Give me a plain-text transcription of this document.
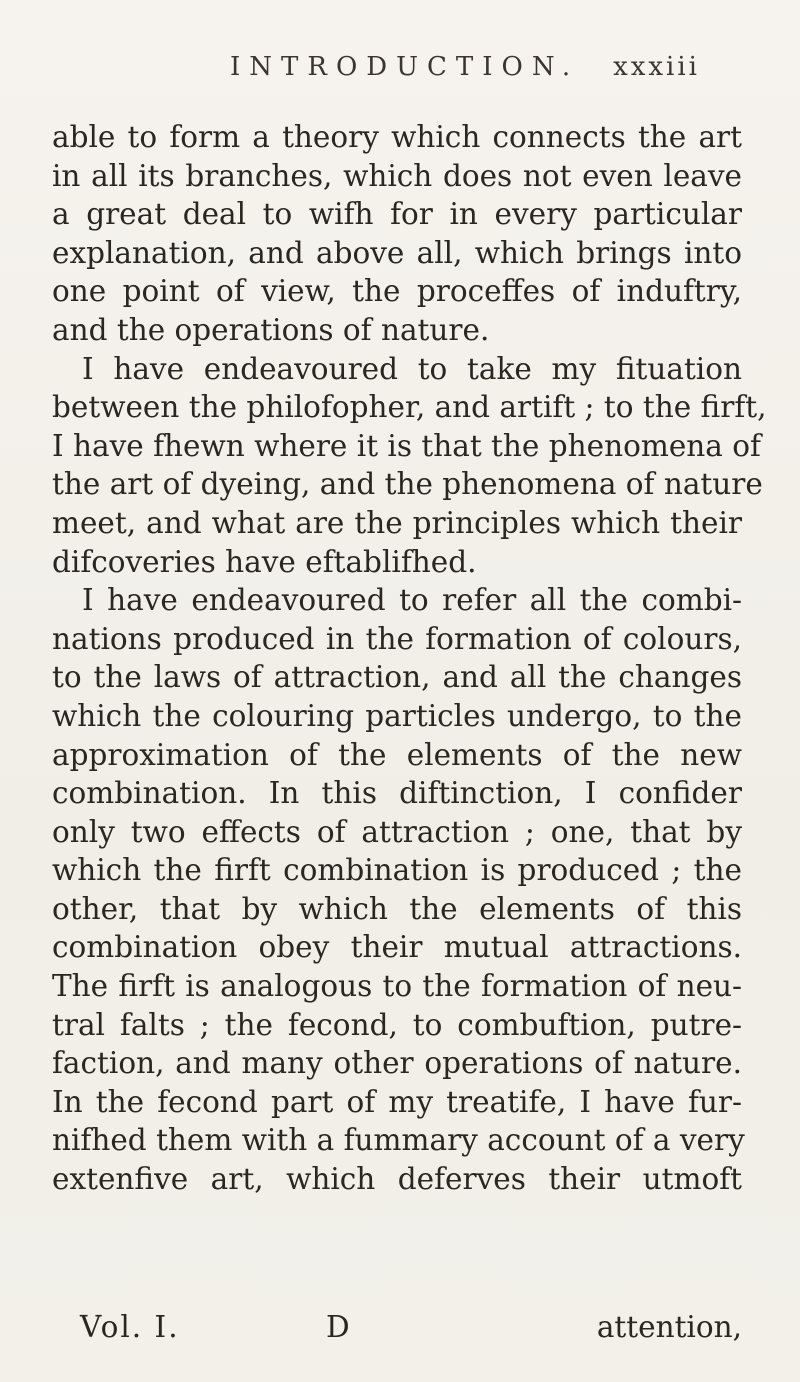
INTRODUCTION. xxxiii
able to form a theory which connects the art
in all its branches, which does not even leave
a great deal to wifh for in every particular
explanation, and above all, which brings into
one point of view, the proceffes of induftry,
and the operations of nature.
I have endeavoured to take my fituation
between the philofopher, and artift ; to the firft,
I have fhewn where it is that the phenomena of
the art of dyeing, and the phenomena of nature
meet, and what are the principles which their
difcoveries have eftablifhed.
I have endeavoured to refer all the combi-
nations produced in the formation of colours,
to the laws of attraction, and all the changes
which the colouring particles undergo, to the
approximation of the elements of the new
combination. In this diftinction, I confider
only two effects of attraction ; one, that by
which the firft combination is produced ; the
other, that by which the elements of this
combination obey their mutual attractions.
The firft is analogous to the formation of neu-
tral falts ; the fecond, to combuftion, putre-
faction, and many other operations of nature.
In the fecond part of my treatife, I have fur-
nifhed them with a fummary account of a very
extenfive art, which deferves their utmoft
Vol. I.	D	attention,
